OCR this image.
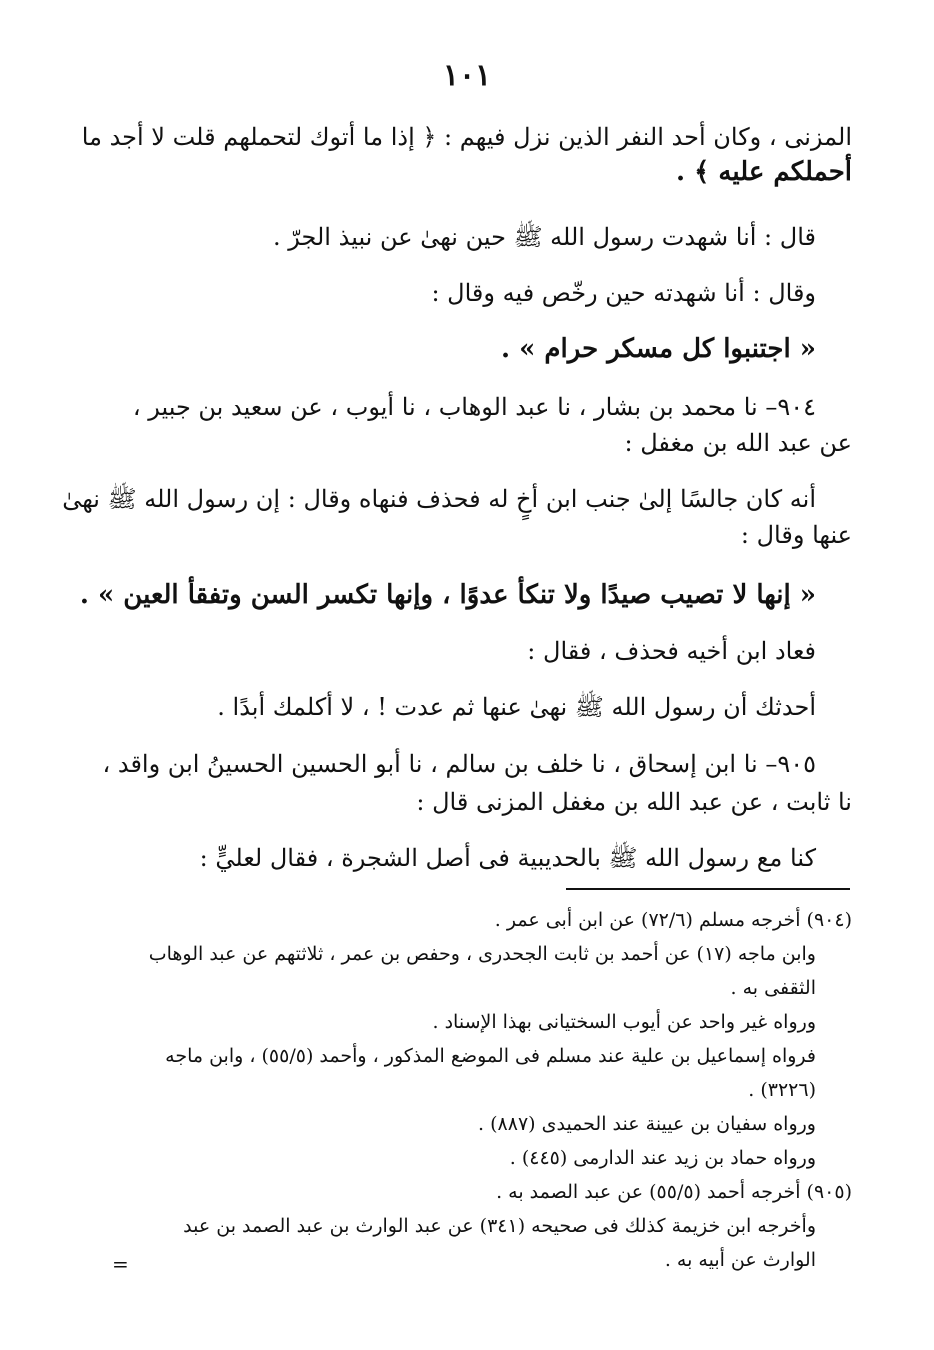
١٠١
المزنى ، وكان أحد النفر الذين نزل فيهم : ﴿ إذا ما أتوك لتحملهم قلت لا أجد ما
أحملكم عليه ﴾ .
قال : أنا شهدت رسول الله ﷺ حين نهىٰ عن نبيذ الجرّ .
وقال : أنا شهدته حين رخّص فيه وقال :
« اجتنبوا كل مسكر حرام » .
٩٠٤– نا محمد بن بشار ، نا عبد الوهاب ، نا أيوب ، عن سعيد بن جبير ،
عن عبد الله بن مغفل :
أنه كان جالسًا إلىٰ جنب ابن أخٍ له فحذف فنهاه وقال : إن رسول الله ﷺ نهىٰ
عنها وقال :
« إنها لا تصيب صيدًا ولا تنكأ عدوًا ، وإنها تكسر السن وتفقأ العين » .
فعاد ابن أخيه فحذف ، فقال :
أحدثك أن رسول الله ﷺ نهىٰ عنها ثم عدت ! ، لا أكلمك أبدًا .
٩٠٥– نا ابن إسحاق ، نا خلف بن سالم ، نا أبو الحسين الحسينُ ابن واقد ،
نا ثابت ، عن عبد الله بن مغفل المزنى قال :
كنا مع رسول الله ﷺ بالحديبية فى أصل الشجرة ، فقال لعليٍّ :
(٩٠٤) أخرجه مسلم (٧٢/٦) عن ابن أبى عمر .
وابن ماجه (١٧) عن أحمد بن ثابت الجحدرى ، وحفص بن عمر ، ثلاثتهم عن عبد الوهاب
الثقفى به .
ورواه غير واحد عن أيوب السختيانى بهذا الإسناد .
فرواه إسماعيل بن علية عند مسلم فى الموضع المذكور ، وأحمد (٥٥/٥) ، وابن ماجه
(٣٢٢٦) .
ورواه سفيان بن عيينة عند الحميدى (٨٨٧) .
ورواه حماد بن زيد عند الدارمى (٤٤٥) .
(٩٠٥) أخرجه أحمد (٥٥/٥) عن عبد الصمد به .
وأخرجه ابن خزيمة كذلك فى صحيحه (٣٤١) عن عبد الوارث بن عبد الصمد بن عبد
الوارث عن أبيه به .
=
